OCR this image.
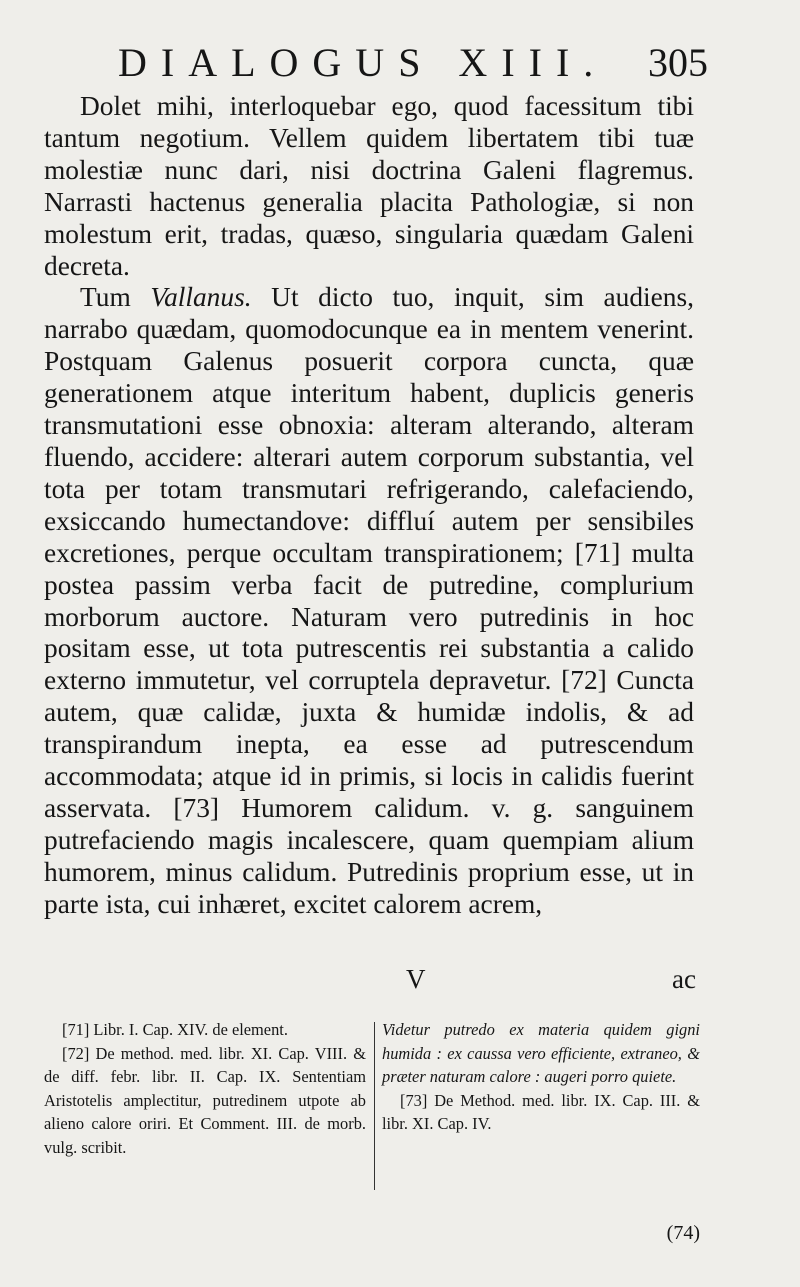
DIALOGUS XIII. 305

Dolet mihi, interloquebar ego, quod facessitum tibi tantum negotium. Vellem quidem libertatem tibi tuæ molestiæ nunc dari, nisi doctrina Galeni flagremus. Narrasti hactenus generalia placita Pathologiæ, si non molestum erit, tradas, quæso, singularia quædam Galeni decreta.

Tum Vallanus. Ut dicto tuo, inquit, sim audiens, narrabo quædam, quomodocunque ea in mentem venerint. Postquam Galenus posuerit corpora cuncta, quæ generationem atque interitum habent, duplicis generis transmutationi esse obnoxia: alteram alterando, alteram fluendo, accidere: alterari autem corporum substantia, vel tota per totam transmutari refrigerando, calefaciendo, exsiccando humectandove: diffluí autem per sensibiles excretiones, perque occultam transpirationem; [71] multa postea passim verba facit de putredine, complurium morborum auctore. Naturam vero putredinis in hoc positam esse, ut tota putrescentis rei substantia a calido externo immutetur, vel corruptela depravetur. [72] Cuncta autem, quæ calidæ, juxta & humidæ indolis, & ad transpirandum inepta, ea esse ad putrescendum accommodata; atque id in primis, si locis in calidis fuerint asservata. [73] Humorem calidum. v. g. sanguinem putrefaciendo magis incalescere, quam quempiam alium humorem, minus calidum. Putredinis proprium esse, ut in parte ista, cui inhæret, excitet calorem acrem,

V	ac

[71] Libr. I. Cap. XIV. de element.

[72] De method. med. libr. XI. Cap. VIII. & de diff. febr. libr. II. Cap. IX. Sententiam Aristotelis amplectitur, putredinem utpote ab alieno calore oriri. Et Comment. III. de morb. vulg. scribit.

Videtur putredo ex materia quidem gigni humida : ex caussa vero efficiente, extraneo, & præter naturam calore : augeri porro quiete.

[73] De Method. med. libr. IX. Cap. III. & libr. XI. Cap. IV.

(74)
